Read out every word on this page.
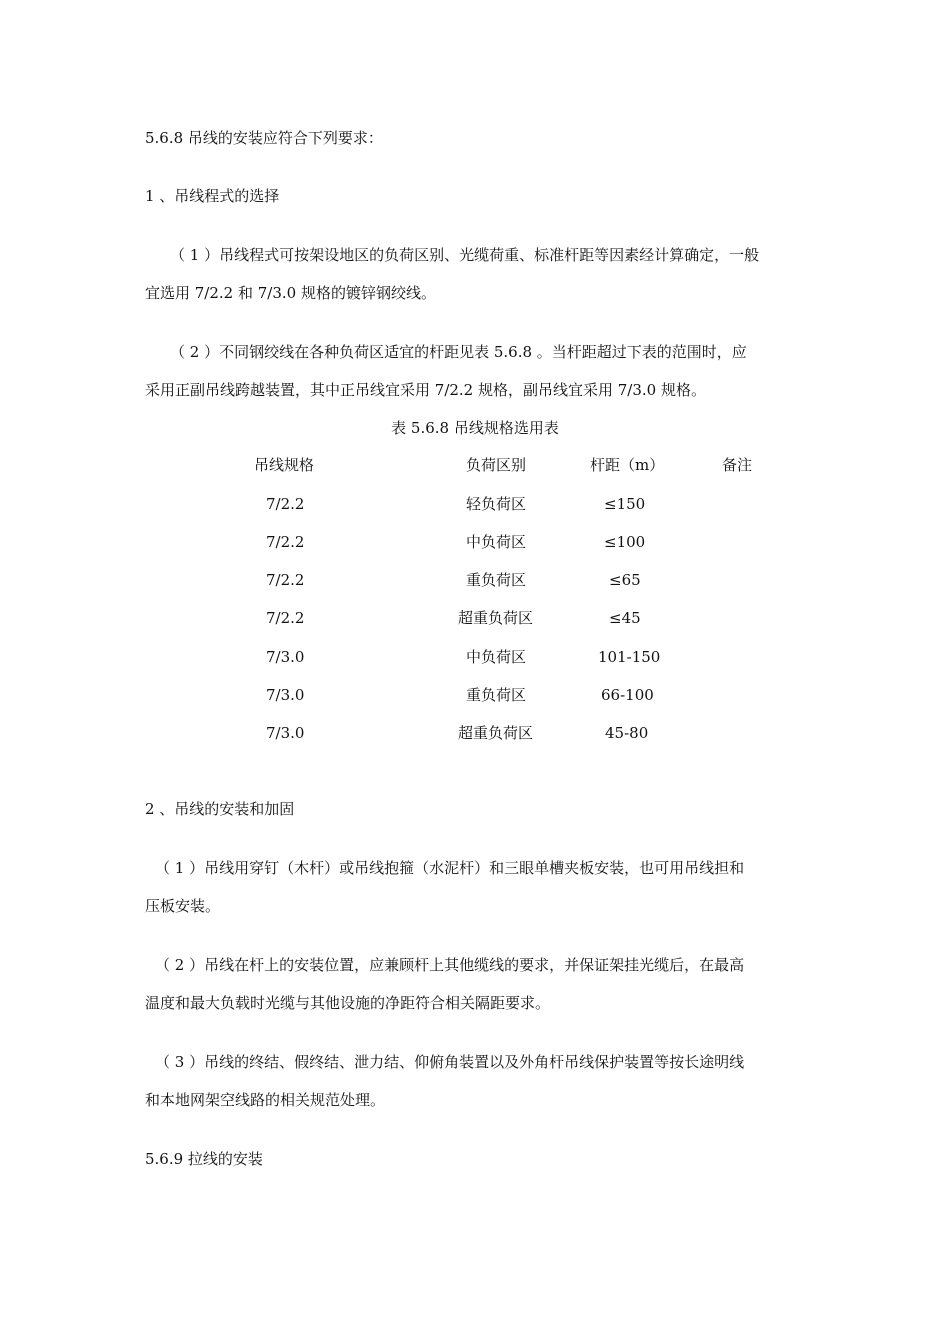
5.6.8 吊线的安装应符合下列要求：
1 、吊线程式的选择
（ 1 ）吊线程式可按架设地区的负荷区别、光缆荷重、标准杆距等因素经计算确定，一般
宜选用 7/2.2 和 7/3.0 规格的镀锌钢绞线。
（ 2 ）不同钢绞线在各种负荷区适宜的杆距见表 5.6.8 。当杆距超过下表的范围时，应
采用正副吊线跨越装置，其中正吊线宜采用 7/2.2 规格，副吊线宜采用 7/3.0 规格。
表 5.6.8 吊线规格选用表
吊线规格	负荷区别	杆距（m）	备注
7/2.2	轻负荷区	≤150
7/2.2	中负荷区	≤100
7/2.2	重负荷区	≤65
7/2.2	超重负荷区	≤45
7/3.0	中负荷区	101-150
7/3.0	重负荷区	66-100
7/3.0	超重负荷区	45-80
2 、吊线的安装和加固
（ 1 ）吊线用穿钉（木杆）或吊线抱箍（水泥杆）和三眼单槽夹板安装，也可用吊线担和
压板安装。
（ 2 ）吊线在杆上的安装位置，应兼顾杆上其他缆线的要求，并保证架挂光缆后，在最高
温度和最大负载时光缆与其他设施的净距符合相关隔距要求。
（ 3 ）吊线的终结、假终结、泄力结、仰俯角装置以及外角杆吊线保护装置等按长途明线
和本地网架空线路的相关规范处理。
5.6.9 拉线的安装
